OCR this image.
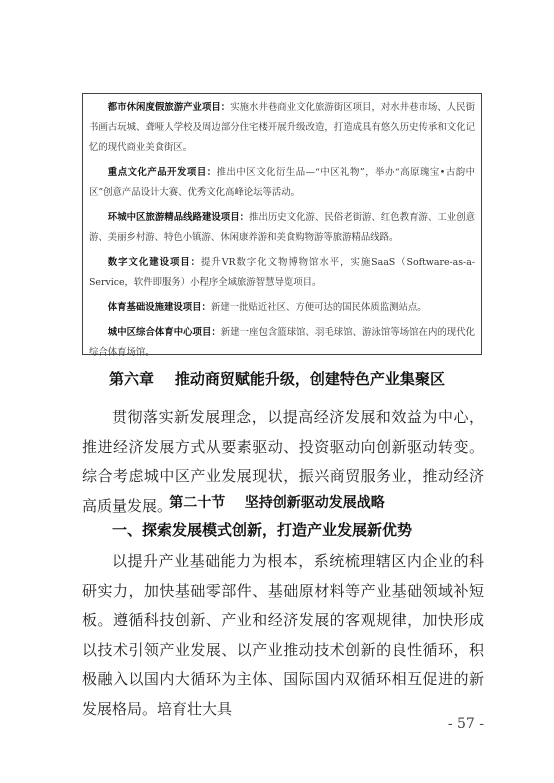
都市休闲度假旅游产业项目：实施水井巷商业文化旅游街区项目，对水井巷市场、人民街书画古玩城、聋哑人学校及周边部分住宅楼开展升级改造，打造成具有悠久历史传承和文化记忆的现代商业美食街区。

重点文化产品开发项目：推出中区文化衍生品—“中区礼物”，举办“高原瑰宝•古韵中区”创意产品设计大赛、优秀文化高峰论坛等活动。

环城中区旅游精品线路建设项目：推出历史文化游、民俗老街游、红色教育游、工业创意游、美丽乡村游、特色小镇游、休闲康养游和美食购物游等旅游精品线路。

数字文化建设项目：提升VR数字化文物博物馆水平，实施SaaS（Software-as-a-Service，软件即服务）小程序全域旅游智慧导览项目。

体育基础设施建设项目：新建一批贴近社区、方便可达的国民体质监测站点。

城中区综合体育中心项目：新建一座包含篮球馆、羽毛球馆、游泳馆等场馆在内的现代化综合体育场馆。

第六章    推动商贸赋能升级，创建特色产业集聚区

贯彻落实新发展理念，以提高经济发展和效益为中心，推进经济发展方式从要素驱动、投资驱动向创新驱动转变。综合考虑城中区产业发展现状，振兴商贸服务业，推动经济高质量发展。

第二十节    坚持创新驱动发展战略
一、探索发展模式创新，打造产业发展新优势

以提升产业基础能力为根本，系统梳理辖区内企业的科研实力，加快基础零部件、基础原材料等产业基础领域补短板。遵循科技创新、产业和经济发展的客观规律，加快形成以技术引领产业发展、以产业推动技术创新的良性循环，积极融入以国内大循环为主体、国际国内双循环相互促进的新发展格局。培育壮大具

- 57 -
